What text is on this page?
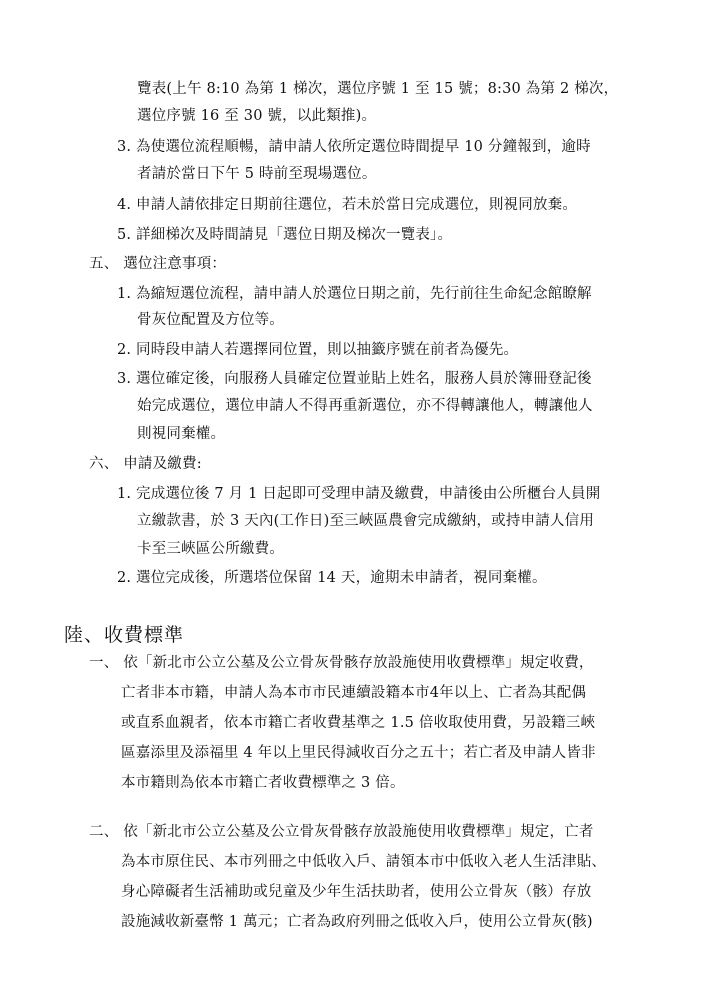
覽表(上午 8:10 為第 1 梯次，選位序號 1 至 15 號；8:30 為第 2 梯次，
選位序號 16 至 30 號，以此類推)。
3. 為使選位流程順暢，請申請人依所定選位時間提早 10 分鐘報到，逾時
者請於當日下午 5 時前至現場選位。
4. 申請人請依排定日期前往選位，若未於當日完成選位，則視同放棄。
5. 詳細梯次及時間請見「選位日期及梯次一覽表」。
五、 選位注意事項：
1. 為縮短選位流程，請申請人於選位日期之前，先行前往生命紀念館瞭解
骨灰位配置及方位等。
2. 同時段申請人若選擇同位置，則以抽籤序號在前者為優先。
3. 選位確定後，向服務人員確定位置並貼上姓名，服務人員於簿冊登記後
始完成選位，選位申請人不得再重新選位，亦不得轉讓他人，轉讓他人
則視同棄權。
六、 申請及繳費:
1. 完成選位後 7 月 1 日起即可受理申請及繳費，申請後由公所櫃台人員開
立繳款書，於 3 天內(工作日)至三峽區農會完成繳納，或持申請人信用
卡至三峽區公所繳費。
2. 選位完成後，所選塔位保留 14 天，逾期未申請者，視同棄權。
陸、收費標準
一、 依「新北市公立公墓及公立骨灰骨骸存放設施使用收費標準」規定收費，
亡者非本市籍，申請人為本市市民連續設籍本市4年以上、亡者為其配偶
或直系血親者，依本市籍亡者收費基準之 1.5 倍收取使用費，另設籍三峽
區嘉添里及添福里 4 年以上里民得減收百分之五十；若亡者及申請人皆非
本市籍則為依本市籍亡者收費標準之 3 倍。
二、 依「新北市公立公墓及公立骨灰骨骸存放設施使用收費標準」規定，亡者
為本市原住民、本市列冊之中低收入戶、請領本市中低收入老人生活津貼、
身心障礙者生活補助或兒童及少年生活扶助者，使用公立骨灰（骸）存放
設施減收新臺幣 1 萬元；亡者為政府列冊之低收入戶，使用公立骨灰(骸)
